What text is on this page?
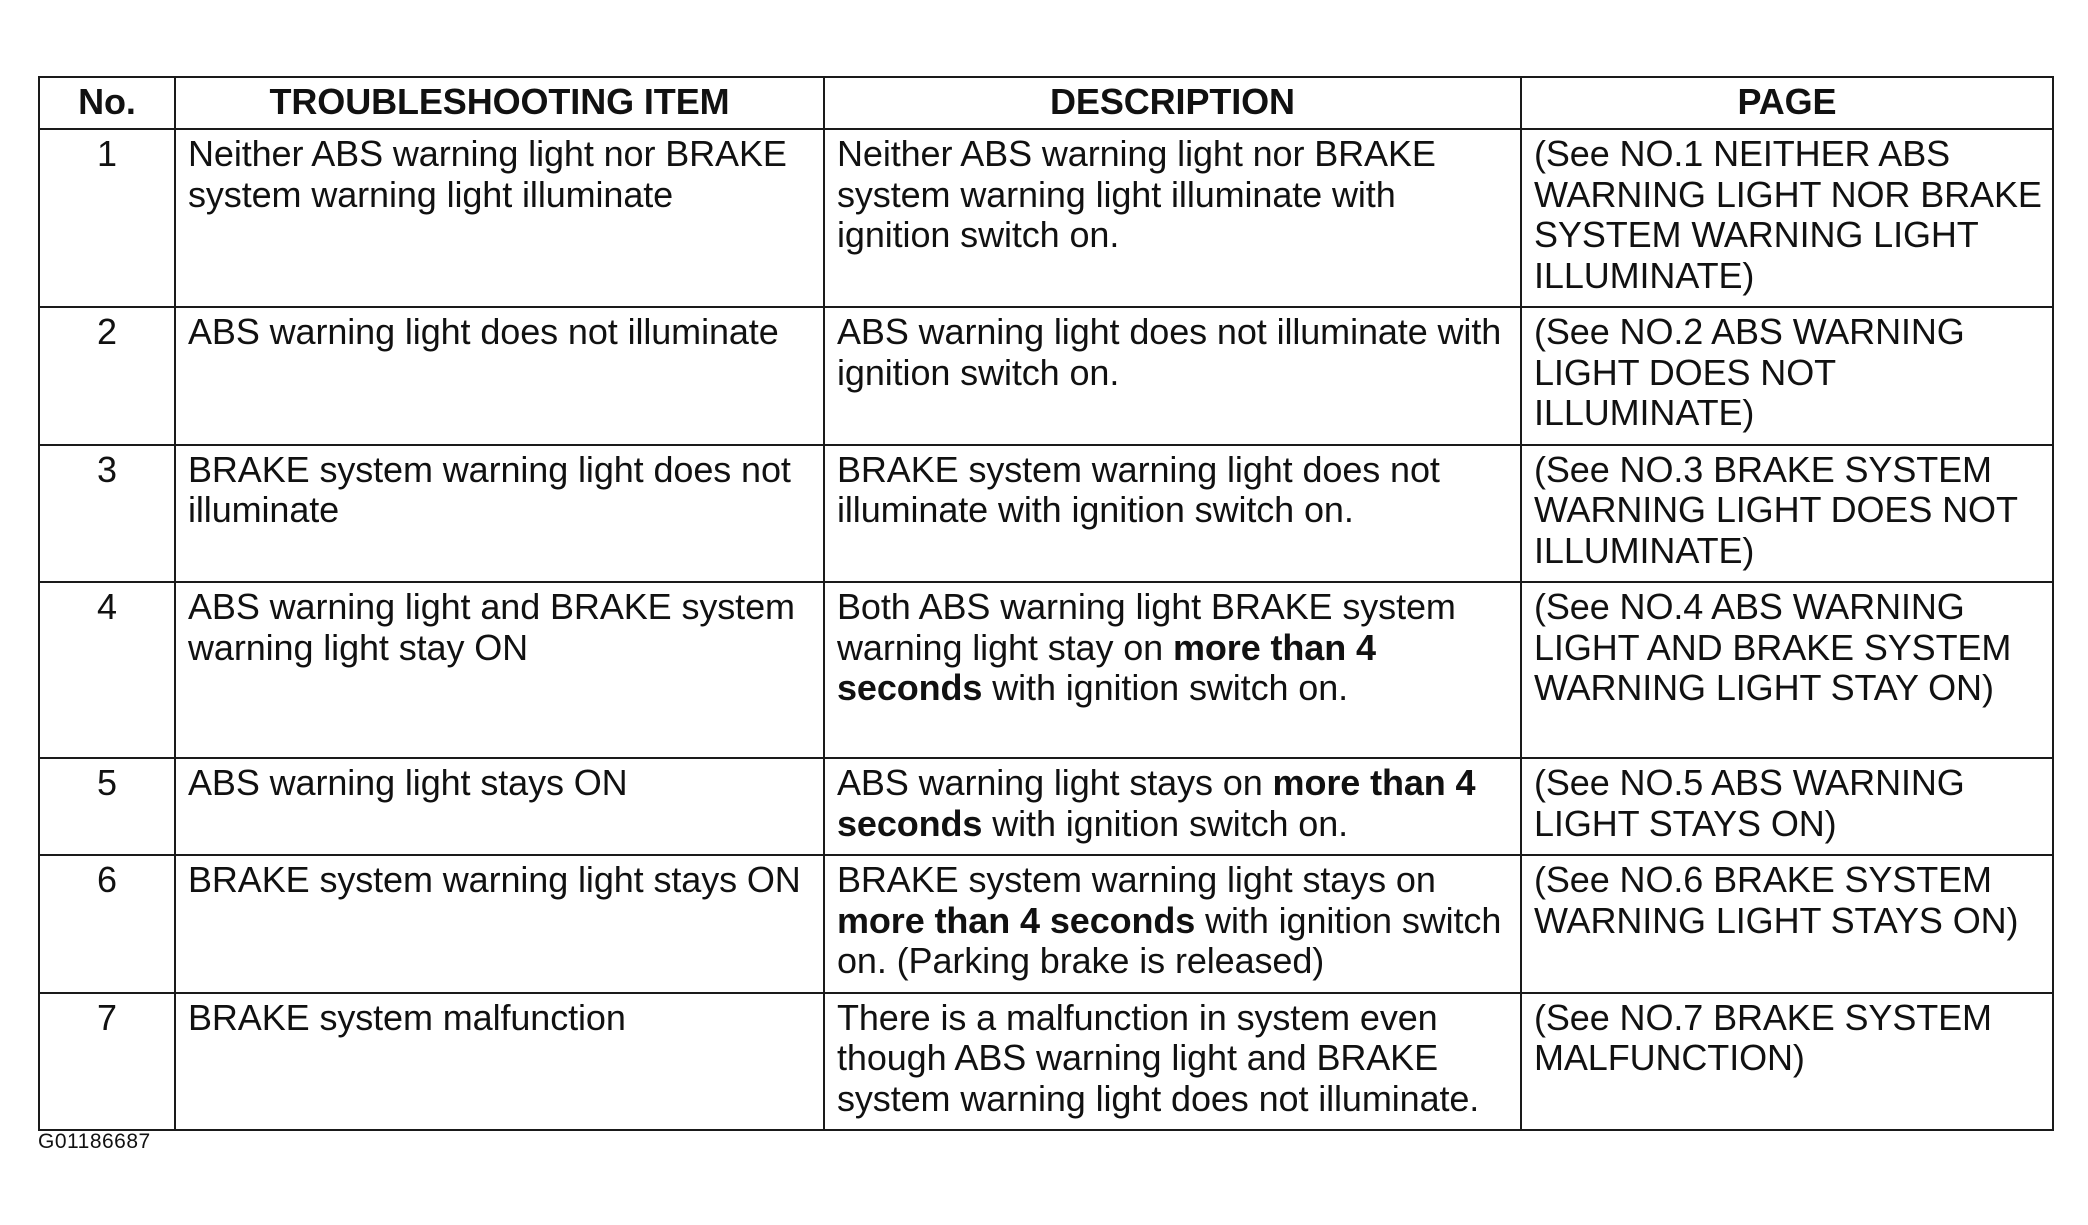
No.	TROUBLESHOOTING ITEM	DESCRIPTION	PAGE
1	Neither ABS warning light nor BRAKE system warning light illuminate	Neither ABS warning light nor BRAKE system warning light illuminate with ignition switch on.	(See NO.1 NEITHER ABS WARNING LIGHT NOR BRAKE SYSTEM WARNING LIGHT ILLUMINATE)
2	ABS warning light does not illuminate	ABS warning light does not illuminate with ignition switch on.	(See NO.2 ABS WARNING LIGHT DOES NOT ILLUMINATE)
3	BRAKE system warning light does not illuminate	BRAKE system warning light does not illuminate with ignition switch on.	(See NO.3 BRAKE SYSTEM WARNING LIGHT DOES NOT ILLUMINATE)
4	ABS warning light and BRAKE system warning light stay ON	Both ABS warning light BRAKE system warning light stay on more than 4 seconds with ignition switch on.	(See NO.4 ABS WARNING LIGHT AND BRAKE SYSTEM WARNING LIGHT STAY ON)
5	ABS warning light stays ON	ABS warning light stays on more than 4 seconds with ignition switch on.	(See NO.5 ABS WARNING LIGHT STAYS ON)
6	BRAKE system warning light stays ON	BRAKE system warning light stays on more than 4 seconds with ignition switch on. (Parking brake is released)	(See NO.6 BRAKE SYSTEM WARNING LIGHT STAYS ON)
7	BRAKE system malfunction	There is a malfunction in system even though ABS warning light and BRAKE system warning light does not illuminate.	(See NO.7 BRAKE SYSTEM MALFUNCTION)
G01186687
